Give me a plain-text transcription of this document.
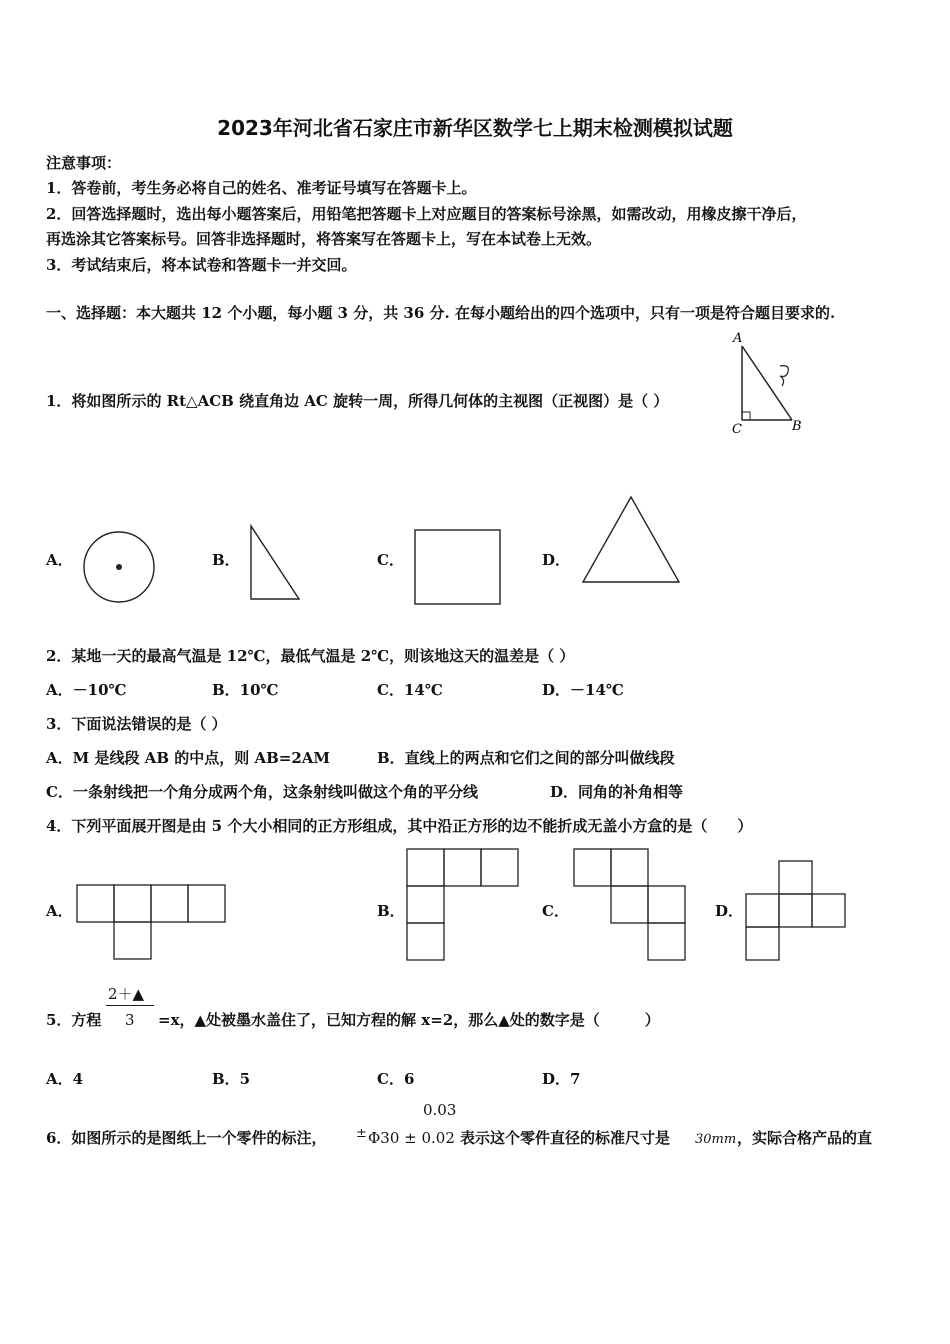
2023年河北省石家庄市新华区数学七上期末检测模拟试题
注意事项：
1．答卷前，考生务必将自己的姓名、准考证号填写在答题卡上。
2．回答选择题时，选出每小题答案后，用铅笔把答题卡上对应题目的答案标号涂黑，如需改动，用橡皮擦干净后，
再选涂其它答案标号。回答非选择题时，将答案写在答题卡上，写在本试卷上无效。
3．考试结束后，将本试卷和答题卡一并交回。
一、选择题：本大题共 12 个小题，每小题 3 分，共 36 分. 在每小题给出的四个选项中，只有一项是符合题目要求的.
1．将如图所示的 Rt△ACB 绕直角边 AC 旋转一周，所得几何体的主视图（正视图）是（ ）
A
C	B
A．	B．	C．	D．
2．某地一天的最高气温是 12℃，最低气温是 2℃，则该地这天的温差是（ ）
A．－10℃	B．10℃	C．14℃	D．－14℃
3．下面说法错误的是（ ）
A．M 是线段 AB 的中点，则 AB=2AM	B．直线上的两点和它们之间的部分叫做线段
C．一条射线把一个角分成两个角，这条射线叫做这个角的平分线	D．同角的补角相等
4．下列平面展开图是由 5 个大小相同的正方形组成，其中沿正方形的边不能折成无盖小方盒的是（　　）
A．	B．	C．	D．
5．方程
2＋▲
3 =x，▲处被墨水盖住了，已知方程的解 x=2，那么▲处的数字是（　　　）
A．4	B．5	C．6	D．7
0.03
6．如图所示的是图纸上一个零件的标注， ± Φ30 ± 0.02 表示这个零件直径的标准尺寸是 30mm ，实际合格产品的直
